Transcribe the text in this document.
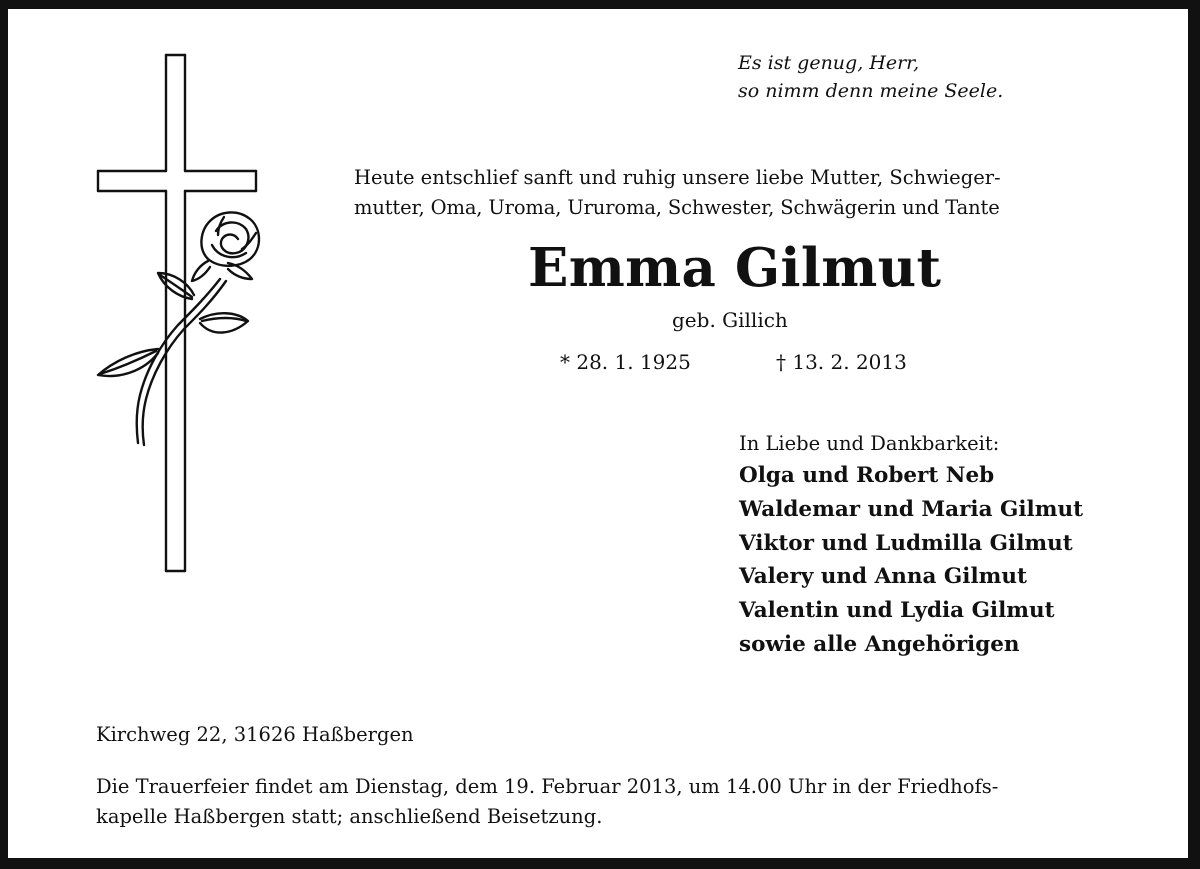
Es ist genug, Herr,
so nimm denn meine Seele.
Heute entschlief sanft und ruhig unsere liebe Mutter, Schwieger-
mutter, Oma, Uroma, Ururoma, Schwester, Schwägerin und Tante
Emma Gilmut
geb. Gillich
* 28. 1. 1925	† 13. 2. 2013
In Liebe und Dankbarkeit:
Olga und Robert Neb
Waldemar und Maria Gilmut
Viktor und Ludmilla Gilmut
Valery und Anna Gilmut
Valentin und Lydia Gilmut
sowie alle Angehörigen
Kirchweg 22, 31626 Haßbergen
Die Trauerfeier findet am Dienstag, dem 19. Februar 2013, um 14.00 Uhr in der Friedhofs-
kapelle Haßbergen statt; anschließend Beisetzung.
